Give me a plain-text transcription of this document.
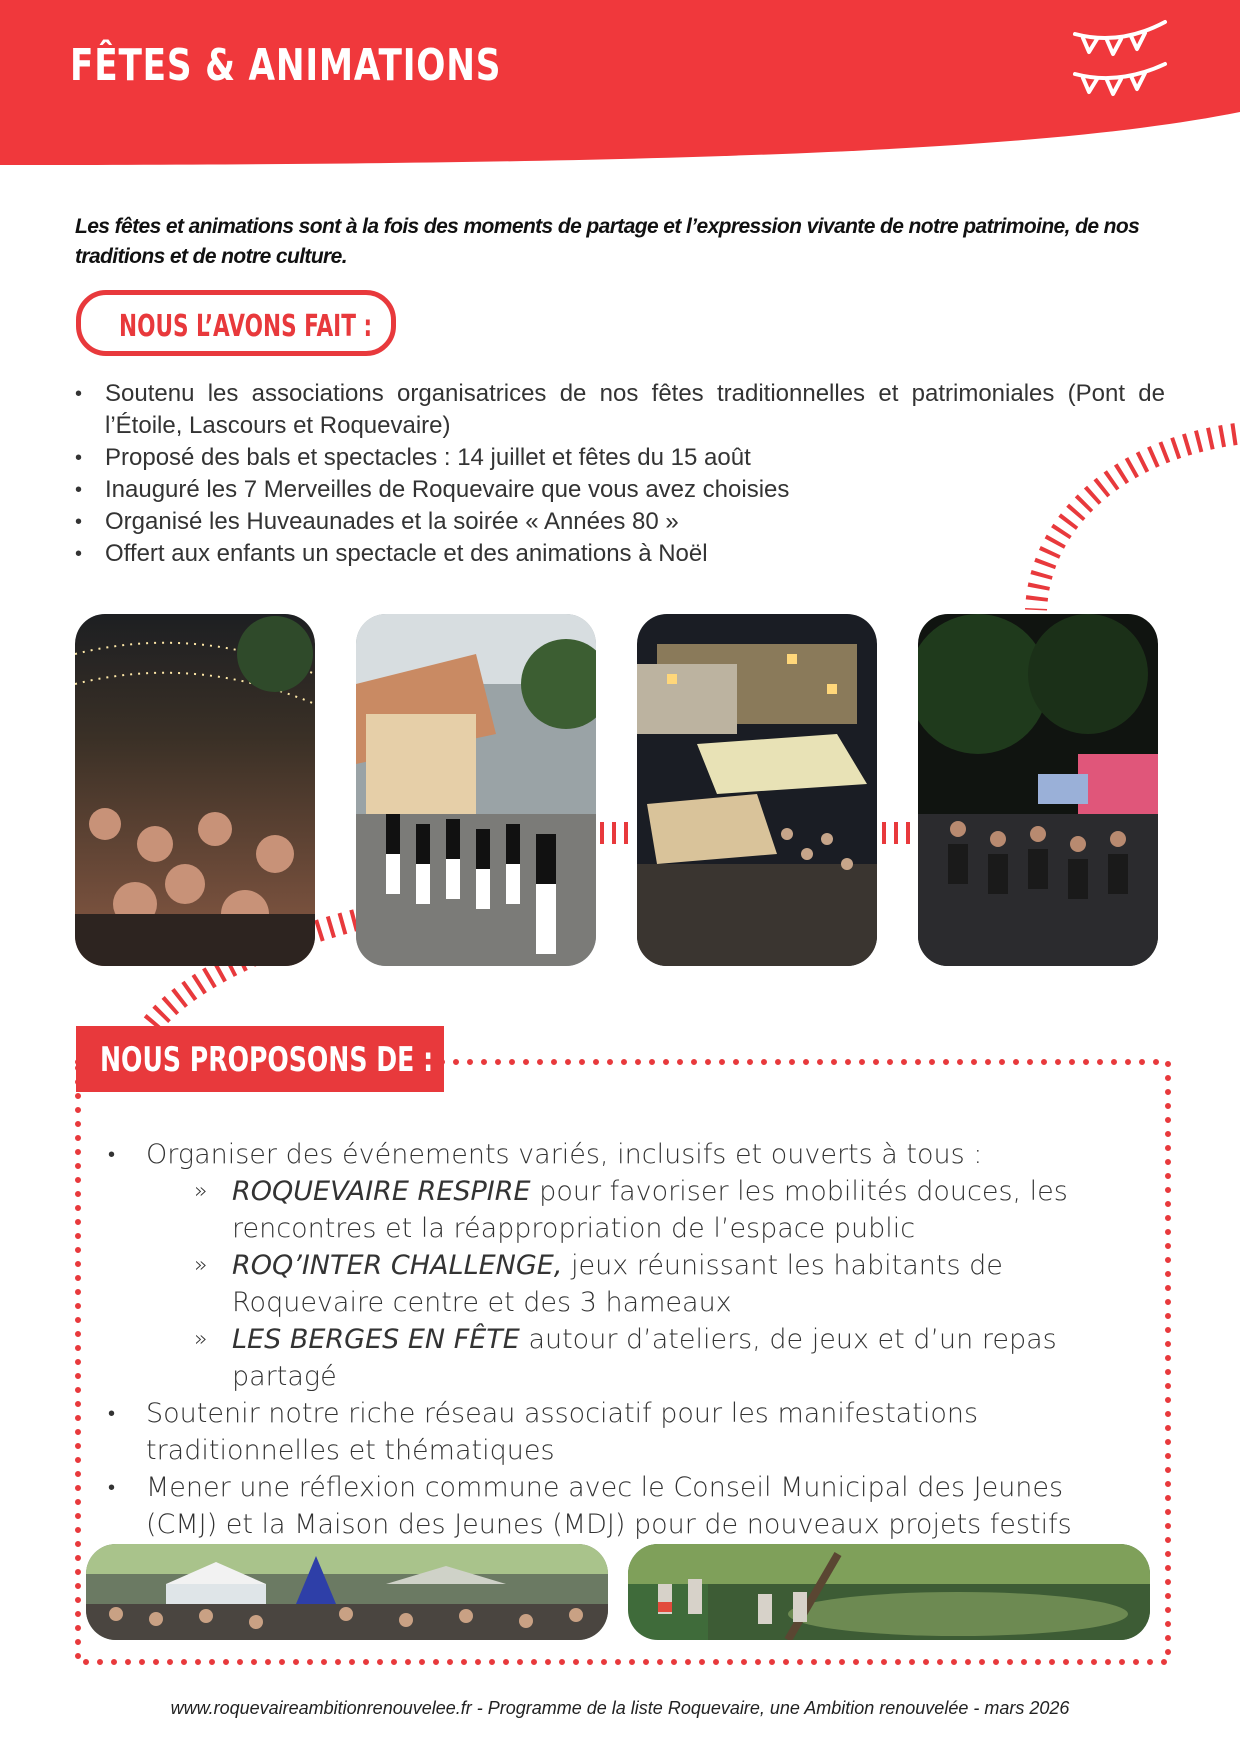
FÊTES & ANIMATIONS
Les fêtes et animations sont à la fois des moments de partage et l’expression vivante de notre patrimoine, de nos traditions et de notre culture.
NOUS L’AVONS FAIT :
• Soutenu les associations organisatrices de nos fêtes traditionnelles et patrimoniales (Pont de l’Étoile, Lascours et Roquevaire)
• Proposé des bals et spectacles : 14 juillet et fêtes du 15 août
• Inauguré les 7 Merveilles de Roquevaire que vous avez choisies
• Organisé les Huveaunades et la soirée « Années 80 »
• Offert aux enfants un spectacle et des animations à Noël
NOUS PROPOSONS DE :
• Organiser des événements variés, inclusifs et ouverts à tous :
» ROQUEVAIRE RESPIRE pour favoriser les mobilités douces, les rencontres et la réappropriation de l’espace public
» ROQ’INTER CHALLENGE, jeux réunissant les habitants de Roquevaire centre et des 3 hameaux
» LES BERGES EN FÊTE autour d’ateliers, de jeux et d’un repas partagé
• Soutenir notre riche réseau associatif pour les manifestations traditionnelles et thématiques
• Mener une réflexion commune avec le Conseil Municipal des Jeunes (CMJ) et la Maison des Jeunes (MDJ) pour de nouveaux projets festifs
www.roquevaireambitionrenouvelee.fr - Programme de la liste Roquevaire, une Ambition renouvelée - mars 2026
